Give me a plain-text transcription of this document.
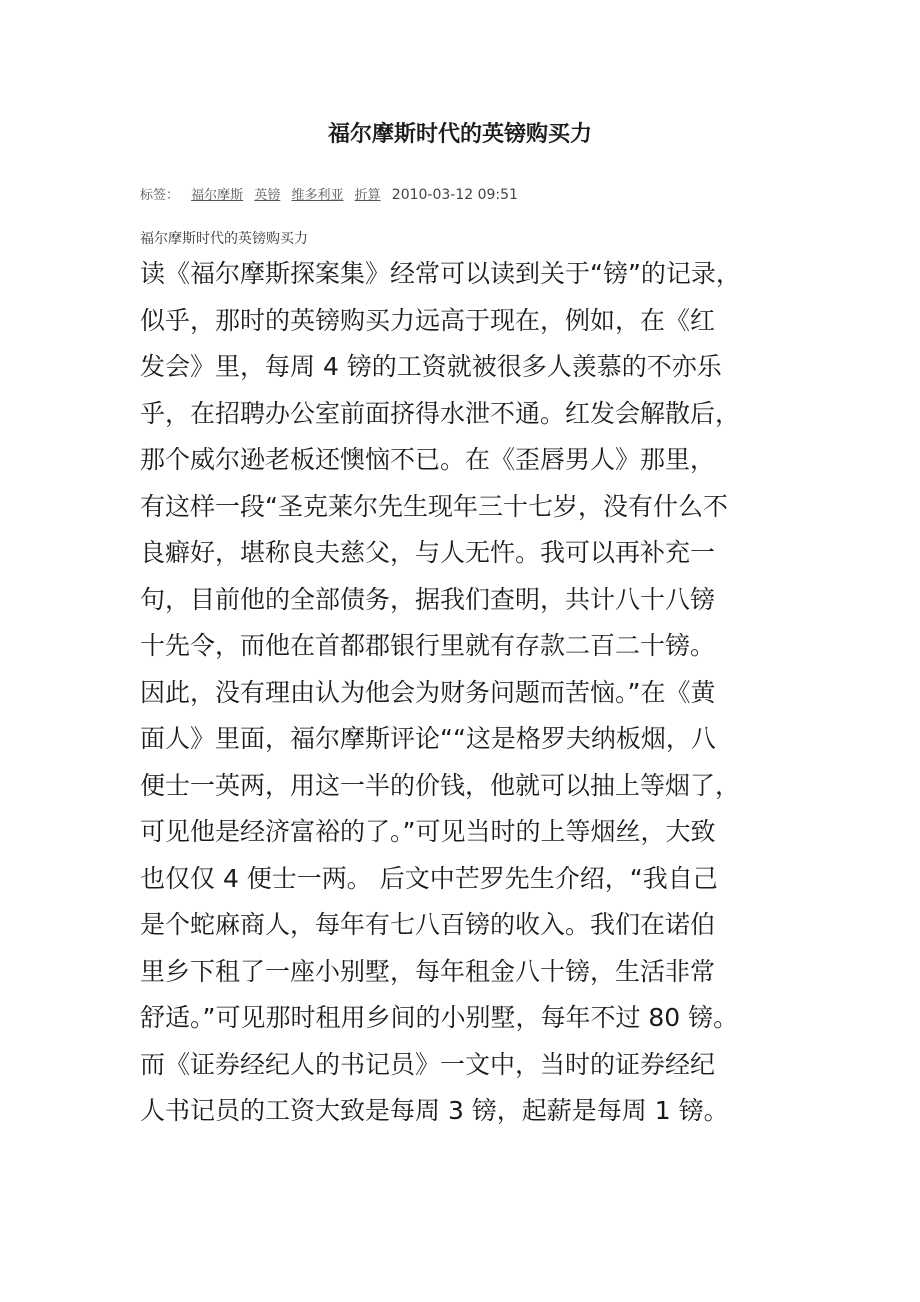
福尔摩斯时代的英镑购买力
标签： 福尔摩斯 英镑 维多利亚 折算 2010-03-12 09:51

福尔摩斯时代的英镑购买力

读《福尔摩斯探案集》经常可以读到关于“镑”的记录，
似乎，那时的英镑购买力远高于现在，例如，在《红
发会》里，每周 4 镑的工资就被很多人羡慕的不亦乐
乎，在招聘办公室前面挤得水泄不通。红发会解散后，
那个威尔逊老板还懊恼不已。在《歪唇男人》那里，
有这样一段“圣克莱尔先生现年三十七岁，没有什么不
良癖好，堪称良夫慈父，与人无忤。我可以再补充一
句，目前他的全部债务，据我们查明，共计八十八镑
十先令，而他在首都郡银行里就有存款二百二十镑。
因此，没有理由认为他会为财务问题而苦恼。”在《黄
面人》里面，福尔摩斯评论““这是格罗夫纳板烟，八
便士一英两，用这一半的价钱，他就可以抽上等烟了，
可见他是经济富裕的了。”可见当时的上等烟丝，大致
也仅仅 4 便士一两。 后文中芒罗先生介绍，“我自己
是个蛇麻商人，每年有七八百镑的收入。我们在诺伯
里乡下租了一座小别墅，每年租金八十镑，生活非常
舒适。”可见那时租用乡间的小别墅，每年不过 80 镑。
而《证券经纪人的书记员》一文中，当时的证券经纪
人书记员的工资大致是每周 3 镑，起薪是每周 1 镑。
